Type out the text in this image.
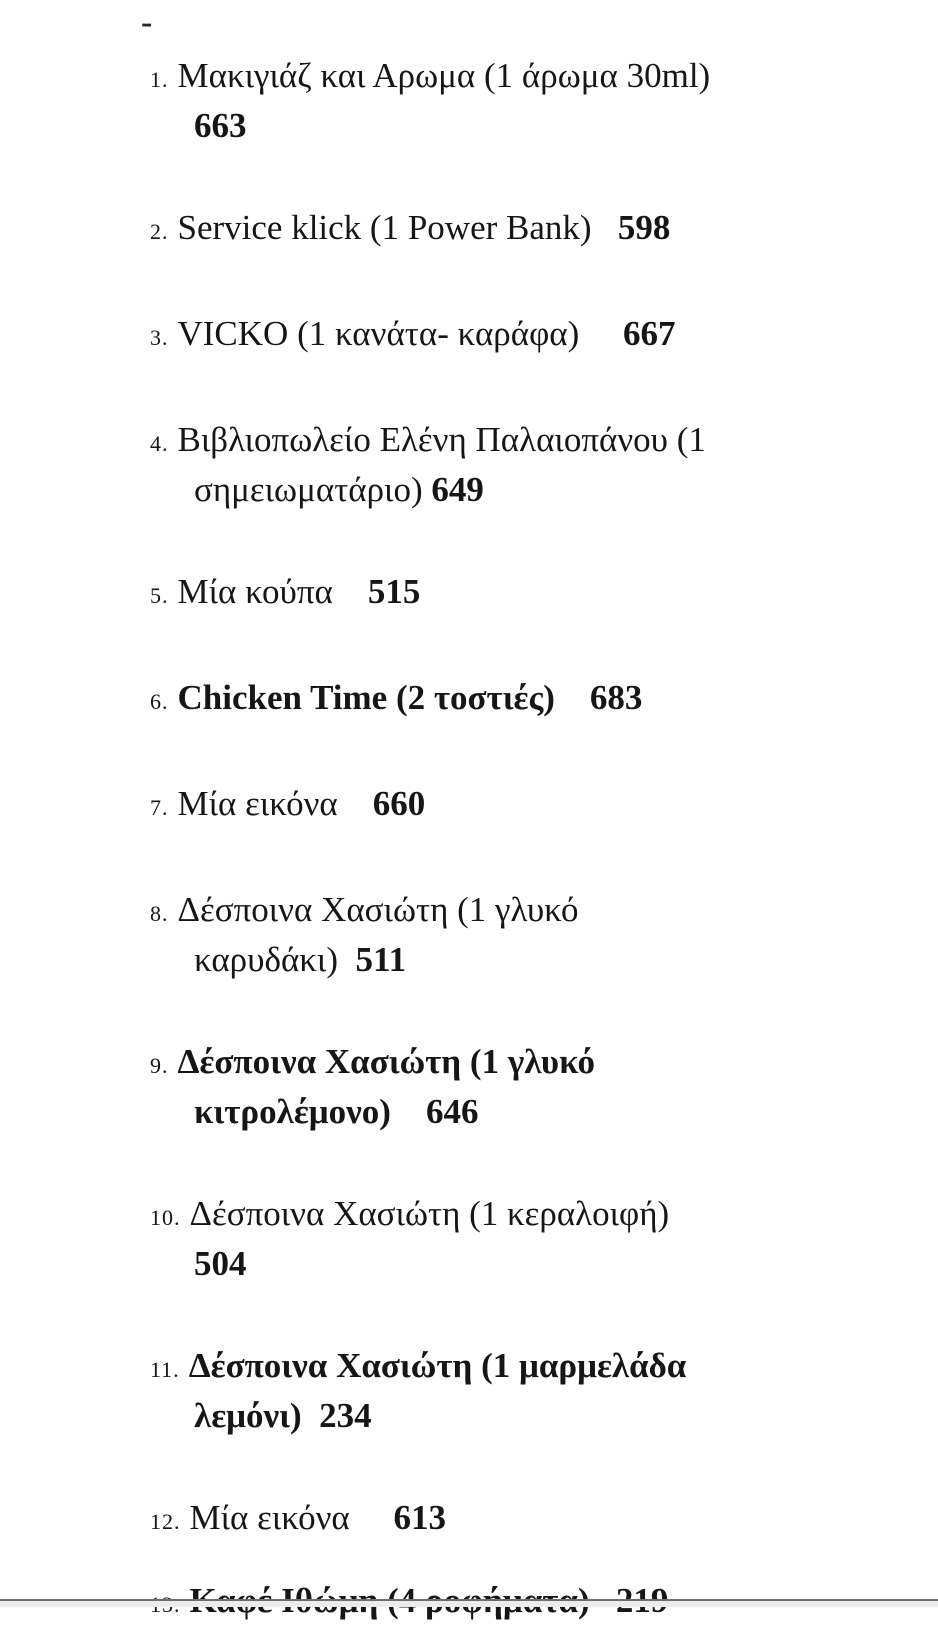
-
1. Μακιγιάζ και Αρωμα (1 άρωμα 30ml)
663
2. Service klick (1 Power Bank)   598
3. VICKO (1 κανάτα- καράφα)     667
4. Βιβλιοπωλείο Ελένη Παλαιοπάνου (1
σημειωματάριο) 649
5. Μία κούπα    515
6. Chicken Time (2 τοστιές)    683
7. Μία εικόνα    660
8. Δέσποινα Χασιώτη (1 γλυκό
καρυδάκι)  511
9. Δέσποινα Χασιώτη (1 γλυκό
κιτρολέμονο)    646
10. Δέσποινα Χασιώτη (1 κεραλοιφή)
504
11. Δέσποινα Χασιώτη (1 μαρμελάδα
λεμόνι)  234
12. Μία εικόνα     613
